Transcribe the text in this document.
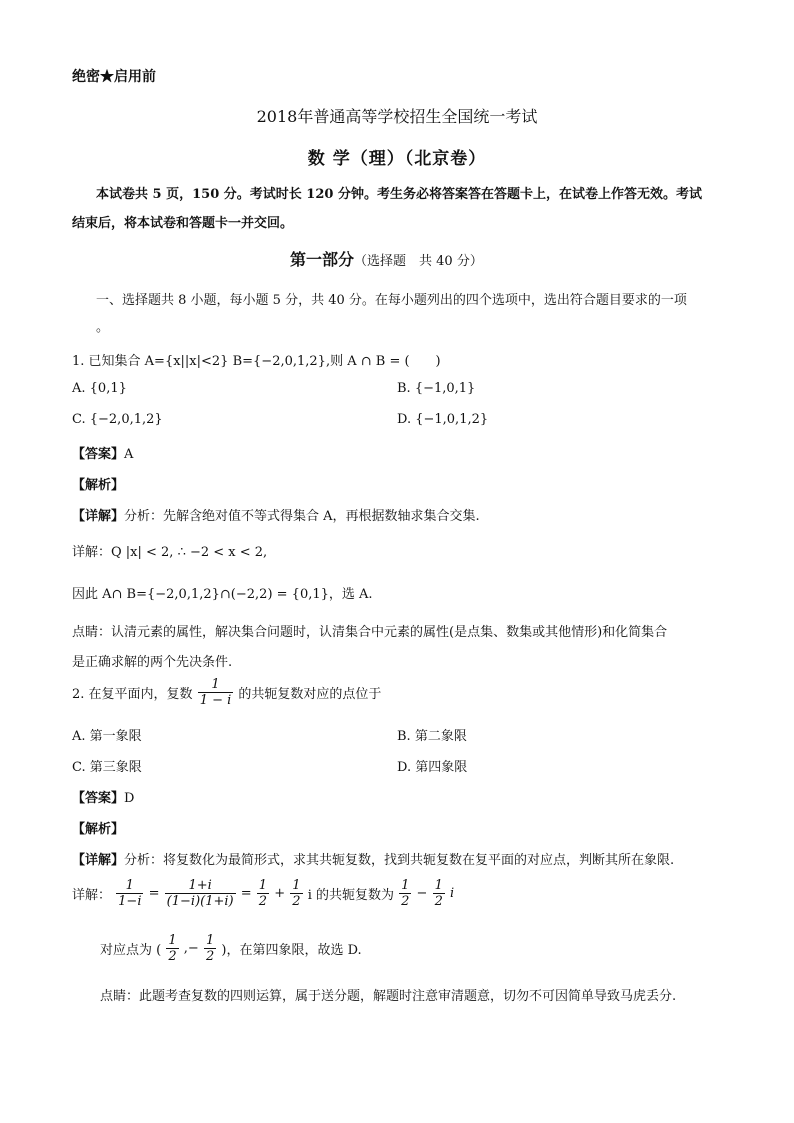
绝密★启用前
2018年普通高等学校招生全国统一考试
数 学（理）（北京卷）
本试卷共 5 页，150 分。考试时长 120 分钟。考生务必将答案答在答题卡上，在试卷上作答无效。考试
结束后，将本试卷和答题卡一并交回。
第一部分（选择题　共 40 分）
一、选择题共 8 小题，每小题 5 分，共 40 分。在每小题列出的四个选项中，选出符合题目要求的一项
。
1. 已知集合 A={x||x|<2} B={−2,0,1,2},则 A ∩ B = (　　)
A. {0,1}	B. {−1,0,1}
C. {−2,0,1,2}	D. {−1,0,1,2}
【答案】A
【解析】
【详解】分析：先解含绝对值不等式得集合 A，再根据数轴求集合交集.
详解：Q |x| < 2, ∴ −2 < x < 2,
因此 A∩ B={−2,0,1,2}∩(−2,2) = {0,1}，选 A.
点睛：认清元素的属性，解决集合问题时，认清集合中元素的属性(是点集、数集或其他情形)和化简集合
是正确求解的两个先决条件.
2. 在复平面内，复数 $\frac{1}{1 - i}$ 的共轭复数对应的点位于
A. 第一象限	B. 第二象限
C. 第三象限	D. 第四象限
【答案】D
【解析】
【详解】分析：将复数化为最简形式，求其共轭复数，找到共轭复数在复平面的对应点，判断其所在象限.
详解： $\frac{1}{1-i} = \frac{1+i}{(1-i)(1+i)} = \frac{1}{2} + \frac{1}{2}$ i 的共轭复数为 $\frac{1}{2} - \frac{1}{2}$ i
对应点为 ( $\frac{1}{2}$ ,− $\frac{1}{2}$ )，在第四象限，故选 D.
点睛：此题考查复数的四则运算，属于送分题，解题时注意审清题意，切勿不可因简单导致马虎丢分.
